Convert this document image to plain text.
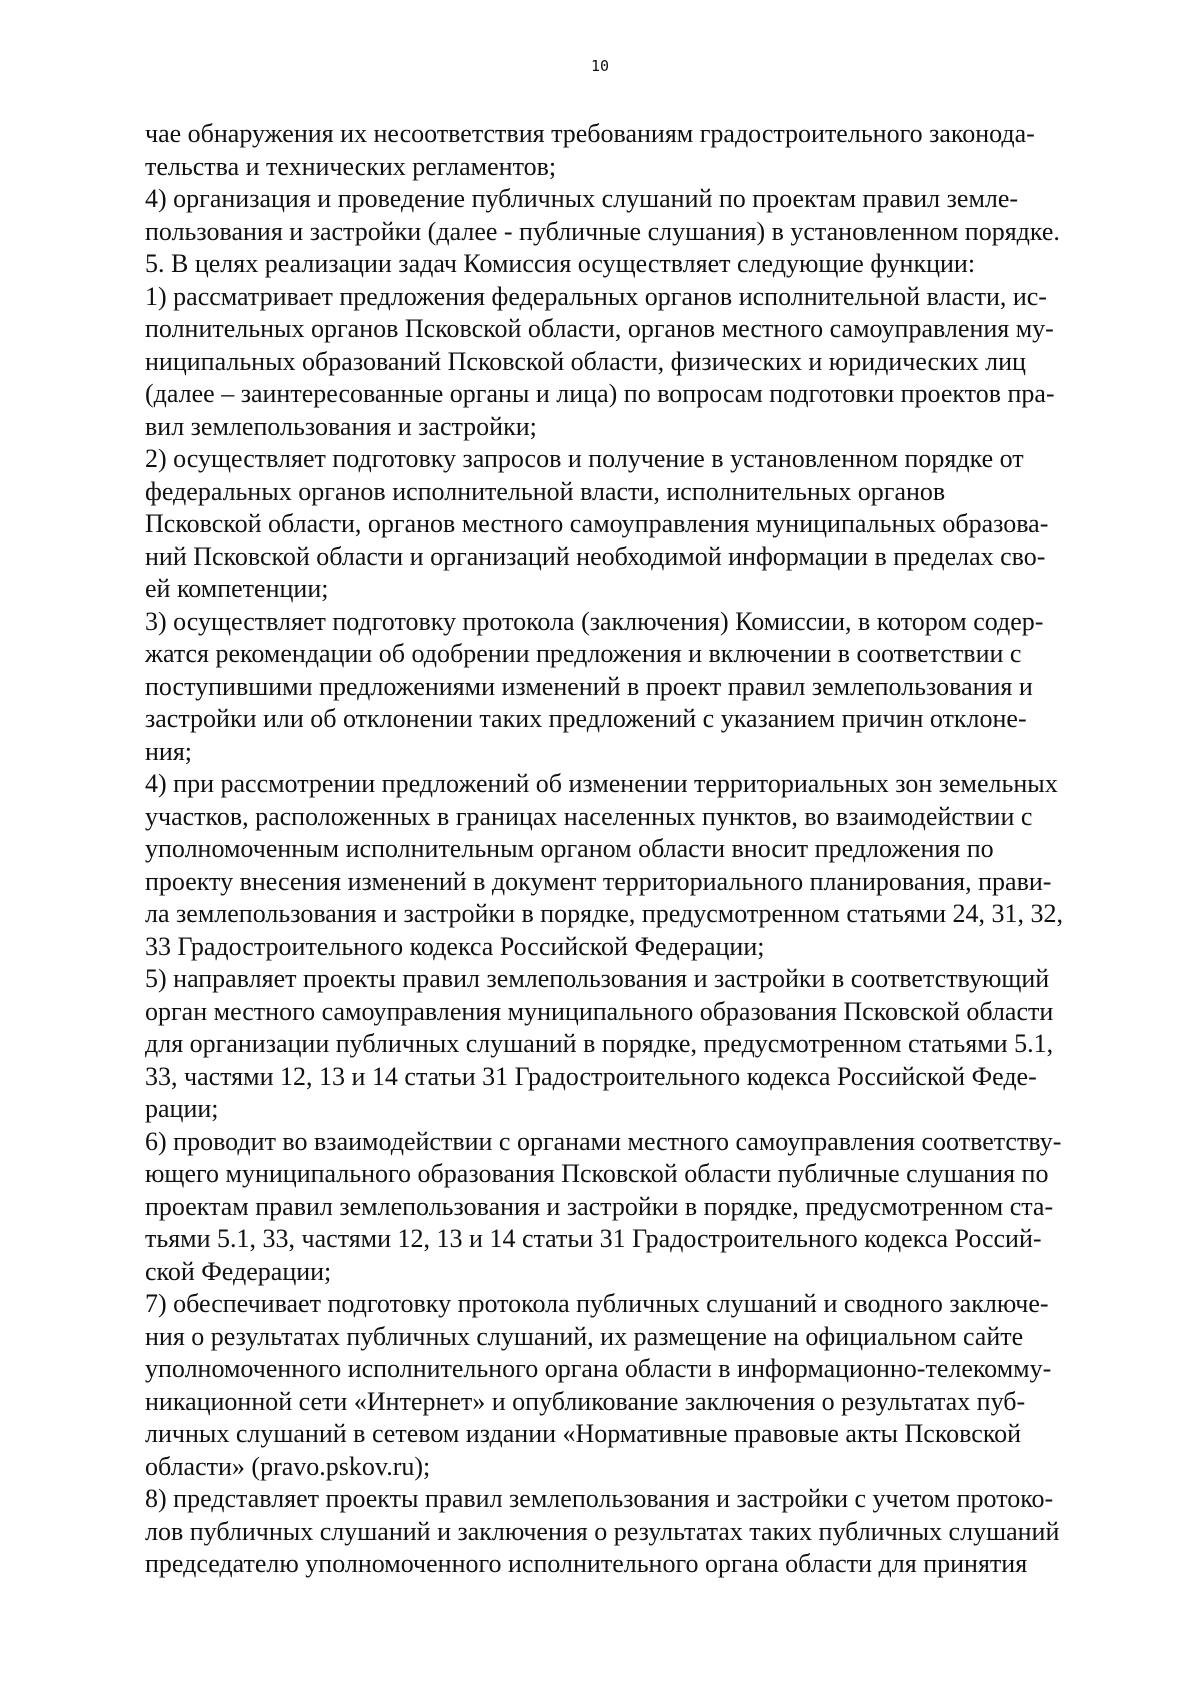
10
чае обнаружения их несоответствия требованиям градостроительного законода-
тельства и технических регламентов;
4) организация и проведение публичных слушаний по проектам правил земле-
пользования и застройки (далее - публичные слушания) в установленном порядке.
5. В целях реализации задач Комиссия осуществляет следующие функции:
1) рассматривает предложения федеральных органов исполнительной власти, ис-
полнительных органов Псковской области, органов местного самоуправления му-
ниципальных образований Псковской области, физических и юридических лиц
(далее – заинтересованные органы и лица) по вопросам подготовки проектов пра-
вил землепользования и застройки;
2) осуществляет подготовку запросов и получение в установленном порядке от
федеральных органов исполнительной власти, исполнительных органов
Псковской области, органов местного самоуправления муниципальных образова-
ний Псковской области и организаций необходимой информации в пределах сво-
ей компетенции;
3) осуществляет подготовку протокола (заключения) Комиссии, в котором содер-
жатся рекомендации об одобрении предложения и включении в соответствии с
поступившими предложениями изменений в проект правил землепользования и
застройки или об отклонении таких предложений с указанием причин отклоне-
ния;
4) при рассмотрении предложений об изменении территориальных зон земельных
участков, расположенных в границах населенных пунктов, во взаимодействии с
уполномоченным исполнительным органом области вносит предложения по
проекту внесения изменений в документ территориального планирования, прави-
ла землепользования и застройки в порядке, предусмотренном статьями 24, 31, 32,
33 Градостроительного кодекса Российской Федерации;
5) направляет проекты правил землепользования и застройки в соответствующий
орган местного самоуправления муниципального образования Псковской области
для организации публичных слушаний в порядке, предусмотренном статьями 5.1,
33, частями 12, 13 и 14 статьи 31 Градостроительного кодекса Российской Феде-
рации;
6) проводит во взаимодействии с органами местного самоуправления соответству-
ющего муниципального образования Псковской области публичные слушания по
проектам правил землепользования и застройки в порядке, предусмотренном ста-
тьями 5.1, 33, частями 12, 13 и 14 статьи 31 Градостроительного кодекса Россий-
ской Федерации;
7) обеспечивает подготовку протокола публичных слушаний и сводного заключе-
ния о результатах публичных слушаний, их размещение на официальном сайте
уполномоченного исполнительного органа области в информационно-телекомму-
никационной сети «Интернет» и опубликование заключения о результатах пуб-
личных слушаний в сетевом издании «Нормативные правовые акты Псковской
области» (pravo.pskov.ru);
8) представляет проекты правил землепользования и застройки с учетом протоко-
лов публичных слушаний и заключения о результатах таких публичных слушаний
председателю уполномоченного исполнительного органа области для принятия
